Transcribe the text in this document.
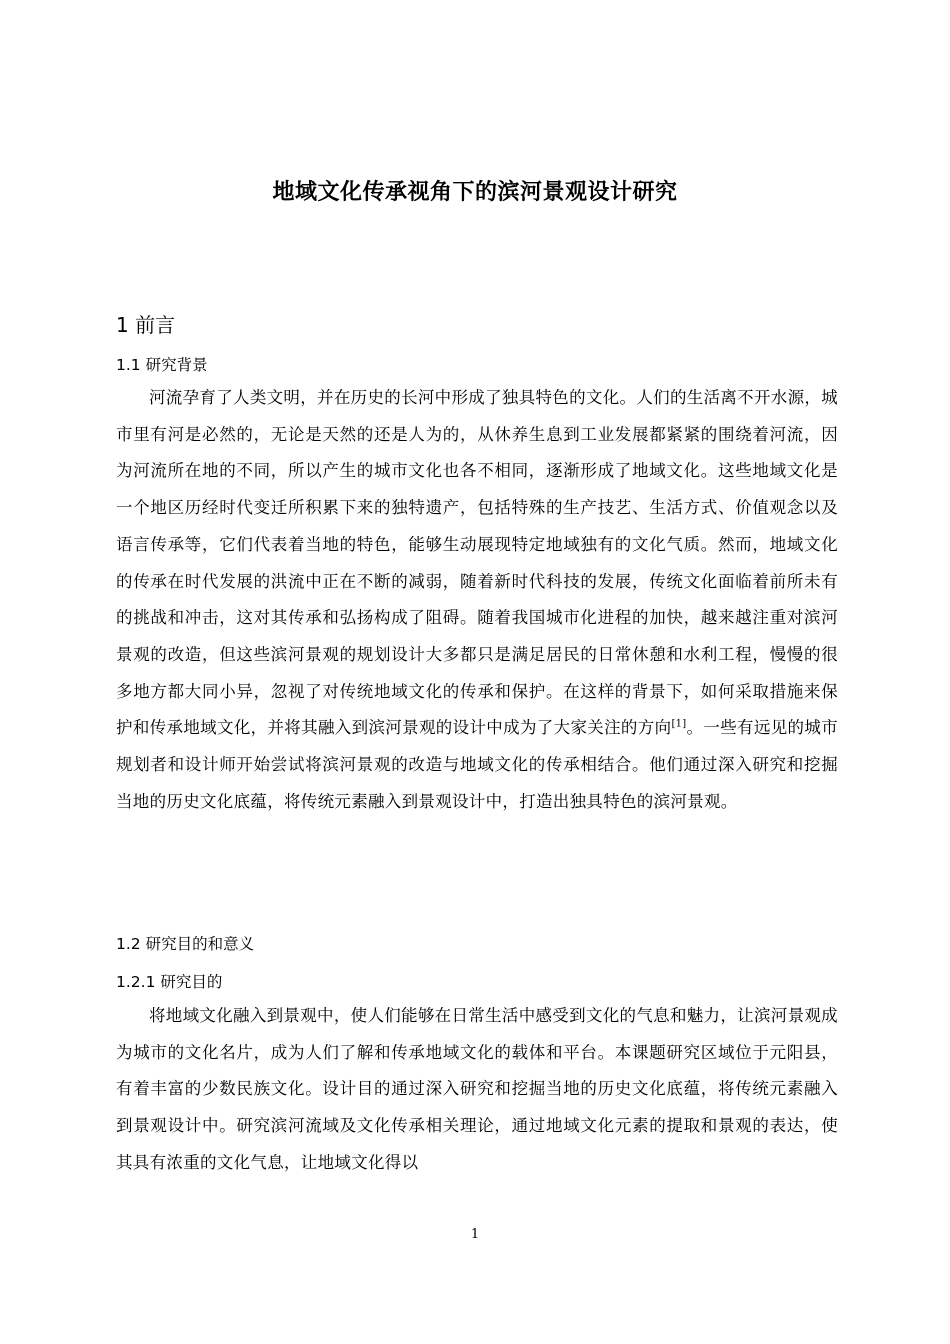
地域文化传承视角下的滨河景观设计研究
1 前言
1.1 研究背景

河流孕育了人类文明，并在历史的长河中形成了独具特色的文化。人们的生活离不开水源，城市里有河是必然的，无论是天然的还是人为的，从休养生息到工业发展都紧紧的围绕着河流，因为河流所在地的不同，所以产生的城市文化也各不相同，逐渐形成了地域文化。这些地域文化是一个地区历经时代变迁所积累下来的独特遗产，包括特殊的生产技艺、生活方式、价值观念以及语言传承等，它们代表着当地的特色，能够生动展现特定地域独有的文化气质。然而，地域文化的传承在时代发展的洪流中正在不断的减弱，随着新时代科技的发展，传统文化面临着前所未有的挑战和冲击，这对其传承和弘扬构成了阻碍。随着我国城市化进程的加快，越来越注重对滨河景观的改造，但这些滨河景观的规划设计大多都只是满足居民的日常休憩和水利工程，慢慢的很多地方都大同小异，忽视了对传统地域文化的传承和保护。在这样的背景下，如何采取措施来保护和传承地域文化，并将其融入到滨河景观的设计中成为了大家关注的方向[1]。一些有远见的城市规划者和设计师开始尝试将滨河景观的改造与地域文化的传承相结合。他们通过深入研究和挖掘当地的历史文化底蕴，将传统元素融入到景观设计中，打造出独具特色的滨河景观。

1.2 研究目的和意义
1.2.1 研究目的

将地域文化融入到景观中，使人们能够在日常生活中感受到文化的气息和魅力，让滨河景观成为城市的文化名片，成为人们了解和传承地域文化的载体和平台。本课题研究区域位于元阳县，有着丰富的少数民族文化。设计目的通过深入研究和挖掘当地的历史文化底蕴，将传统元素融入到景观设计中。研究滨河流域及文化传承相关理论，通过地域文化元素的提取和景观的表达，使其具有浓重的文化气息，让地域文化得以

1
